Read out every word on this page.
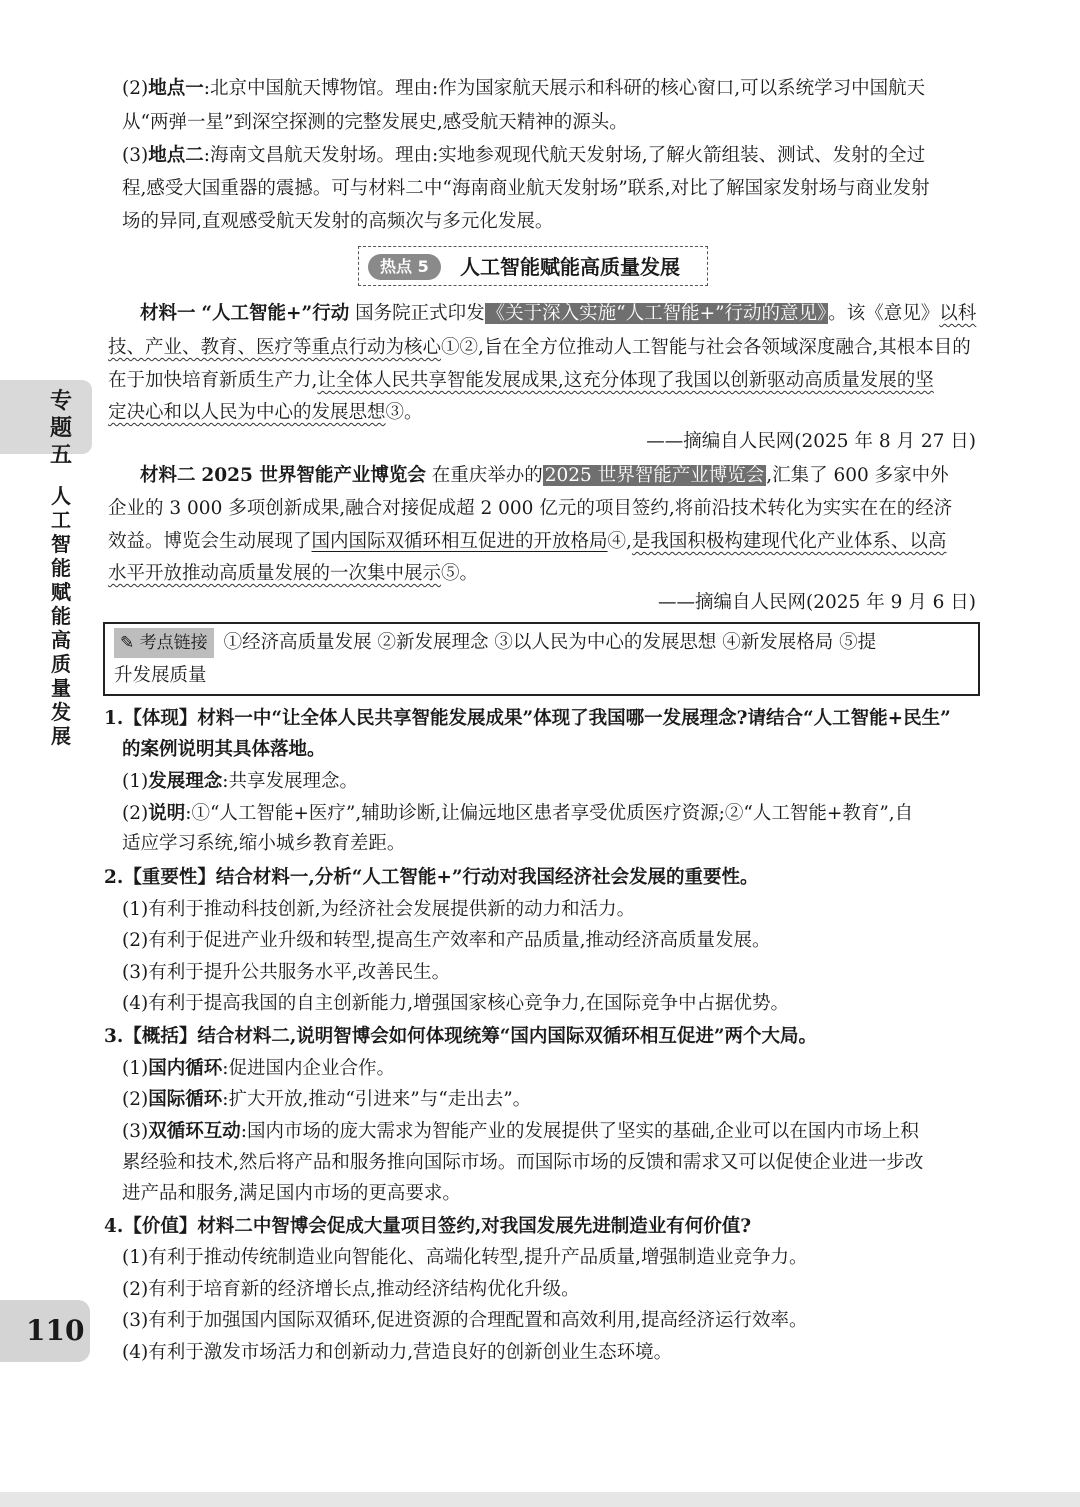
(2)地点一:北京中国航天博物馆。理由:作为国家航天展示和科研的核心窗口,可以系统学习中国航天
从“两弹一星”到深空探测的完整发展史,感受航天精神的源头。
(3)地点二:海南文昌航天发射场。理由:实地参观现代航天发射场,了解火箭组装、测试、发射的全过
程,感受大国重器的震撼。可与材料二中“海南商业航天发射场”联系,对比了解国家发射场与商业发射
场的异同,直观感受航天发射的高频次与多元化发展。
热点 5	人工智能赋能高质量发展
材料一 “人工智能+”行动 国务院正式印发 《关于深入实施“人工智能+”行动的意见》 。该《意见》以科
技、产业、教育、医疗等重点行动为核心①②,旨在全方位推动人工智能与社会各领域深度融合,其根本目的
在于加快培育新质生产力,让全体人民共享智能发展成果,这充分体现了我国以创新驱动高质量发展的坚
定决心和以人民为中心的发展思想③。
——摘编自人民网(2025 年 8 月 27 日)
材料二 2025 世界智能产业博览会 在重庆举办的 2025 世界智能产业博览会 ,汇集了 600 多家中外
企业的 3 000 多项创新成果,融合对接促成超 2 000 亿元的项目签约,将前沿技术转化为实实在在的经济
效益。博览会生动展现了国内国际双循环相互促进的开放格局④,是我国积极构建现代化产业体系、以高
水平开放推动高质量发展的一次集中展示⑤。
——摘编自人民网(2025 年 9 月 6 日)
✎ 考点链接 ①经济高质量发展 ②新发展理念 ③以人民为中心的发展思想 ④新发展格局 ⑤提
升发展质量
1.【体现】材料一中“让全体人民共享智能发展成果”体现了我国哪一发展理念?请结合“人工智能+民生”
的案例说明其具体落地。
(1)发展理念:共享发展理念。
(2)说明:①“人工智能+医疗”,辅助诊断,让偏远地区患者享受优质医疗资源;②“人工智能+教育”,自
适应学习系统,缩小城乡教育差距。
2.【重要性】结合材料一,分析“人工智能+”行动对我国经济社会发展的重要性。
(1)有利于推动科技创新,为经济社会发展提供新的动力和活力。
(2)有利于促进产业升级和转型,提高生产效率和产品质量,推动经济高质量发展。
(3)有利于提升公共服务水平,改善民生。
(4)有利于提高我国的自主创新能力,增强国家核心竞争力,在国际竞争中占据优势。
3.【概括】结合材料二,说明智博会如何体现统筹“国内国际双循环相互促进”两个大局。
(1)国内循环:促进国内企业合作。
(2)国际循环:扩大开放,推动“引进来”与“走出去”。
(3)双循环互动:国内市场的庞大需求为智能产业的发展提供了坚实的基础,企业可以在国内市场上积
累经验和技术,然后将产品和服务推向国际市场。而国际市场的反馈和需求又可以促使企业进一步改
进产品和服务,满足国内市场的更高要求。
4.【价值】材料二中智博会促成大量项目签约,对我国发展先进制造业有何价值?
(1)有利于推动传统制造业向智能化、高端化转型,提升产品质量,增强制造业竞争力。
(2)有利于培育新的经济增长点,推动经济结构优化升级。
(3)有利于加强国内国际双循环,促进资源的合理配置和高效利用,提高经济运行效率。
(4)有利于激发市场活力和创新动力,营造良好的创新创业生态环境。
专题五
人工智能赋能高质量发展
110
